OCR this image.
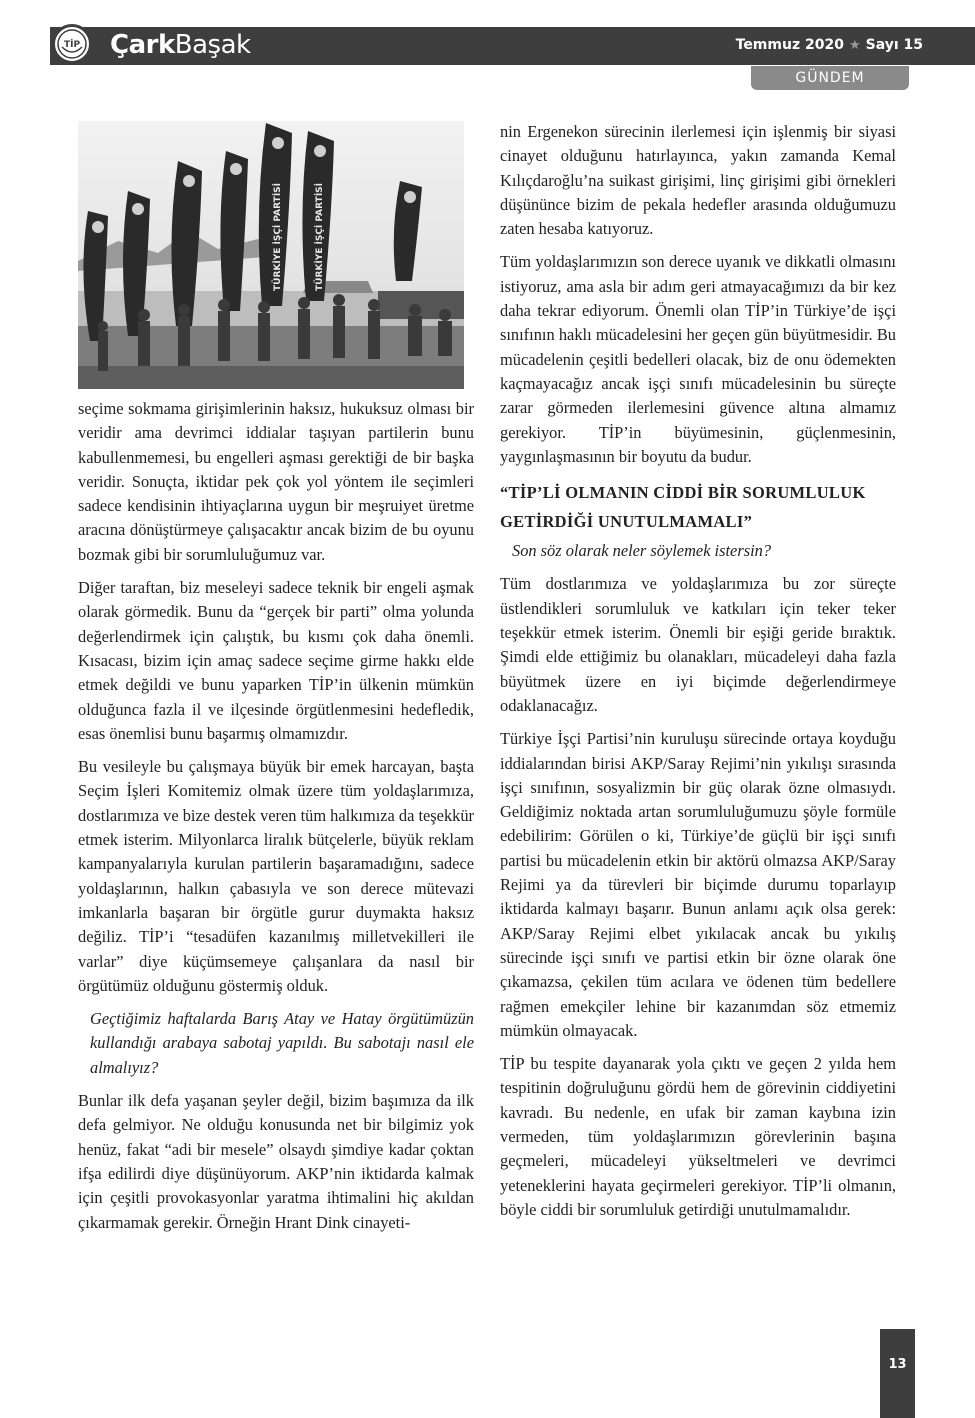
TİP ÇarkBaşak	Temmuz 2020 ★ Sayı 15
GÜNDEM
TÜRKİYE İŞÇİ PARTİSİ	TÜRKİYE İŞÇİ PARTİSİ

seçime sokmama girişimlerinin haksız, hukuksuz olması bir veridir ama devrimci iddialar taşıyan partilerin bunu kabullenmemesi, bu engelleri aşması gerektiği de bir başka veridir. Sonuçta, iktidar pek çok yol yöntem ile seçimleri sadece kendisinin ihtiyaçlarına uygun bir meşruiyet üretme aracına dönüştürmeye çalışacaktır ancak bizim de bu oyunu bozmak gibi bir sorumluluğumuz var.

Diğer taraftan, biz meseleyi sadece teknik bir engeli aşmak olarak görmedik. Bunu da “gerçek bir parti” olma yolunda değerlendirmek için çalıştık, bu kısmı çok daha önemli. Kısacası, bizim için amaç sadece seçime girme hakkı elde etmek değildi ve bunu yaparken TİP’in ülkenin mümkün olduğunca fazla il ve ilçesinde örgütlenmesini hedefledik, esas önemlisi bunu başarmış olmamızdır.

Bu vesileyle bu çalışmaya büyük bir emek harcayan, başta Seçim İşleri Komitemiz olmak üzere tüm yoldaşlarımıza, dostlarımıza ve bize destek veren tüm halkımıza da teşekkür etmek isterim. Milyonlarca liralık bütçelerle, büyük reklam kampanyalarıyla kurulan partilerin başaramadığını, sadece yoldaşlarının, halkın çabasıyla ve son derece mütevazi imkanlarla başaran bir örgütle gurur duymakta haksız değiliz. TİP’i “tesadüfen kazanılmış milletvekilleri ile varlar” diye küçümsemeye çalışanlara da nasıl bir örgütümüz olduğunu göstermiş olduk.

Geçtiğimiz haftalarda Barış Atay ve Hatay örgütümüzün kullandığı arabaya sabotaj yapıldı. Bu sabotajı nasıl ele almalıyız?

Bunlar ilk defa yaşanan şeyler değil, bizim başımıza da ilk defa gelmiyor. Ne olduğu konusunda net bir bilgimiz yok henüz, fakat “adi bir mesele” olsaydı şimdiye kadar çoktan ifşa edilirdi diye düşünüyorum. AKP’nin iktidarda kalmak için çeşitli provokasyonlar yaratma ihtimalini hiç akıldan çıkarmamak gerekir. Örneğin Hrant Dink cinayeti-

nin Ergenekon sürecinin ilerlemesi için işlenmiş bir siyasi cinayet olduğunu hatırlayınca, yakın zamanda Kemal Kılıçdaroğlu’na suikast girişimi, linç girişimi gibi örnekleri düşününce bizim de pekala hedefler arasında olduğumuzu zaten hesaba katıyoruz.

Tüm yoldaşlarımızın son derece uyanık ve dikkatli olmasını istiyoruz, ama asla bir adım geri atmayacağımızı da bir kez daha tekrar ediyorum. Önemli olan TİP’in Türkiye’de işçi sınıfının haklı mücadelesini her geçen gün büyütmesidir. Bu mücadelenin çeşitli bedelleri olacak, biz de onu ödemekten kaçmayacağız ancak işçi sınıfı mücadelesinin bu süreçte zarar görmeden ilerlemesini güvence altına almamız gerekiyor. TİP’in büyümesinin, güçlenmesinin, yaygınlaşmasının bir boyutu da budur.

“TİP’Lİ OLMANIN CİDDİ BİR SORUMLULUK GETİRDİĞİ UNUTULMAMALI”

Son söz olarak neler söylemek istersin?

Tüm dostlarımıza ve yoldaşlarımıza bu zor süreçte üstlendikleri sorumluluk ve katkıları için teker teker teşekkür etmek isterim. Önemli bir eşiği geride bıraktık. Şimdi elde ettiğimiz bu olanakları, mücadeleyi daha fazla büyütmek üzere en iyi biçimde değerlendirmeye odaklanacağız.

Türkiye İşçi Partisi’nin kuruluşu sürecinde ortaya koyduğu iddialarından birisi AKP/Saray Rejimi’nin yıkılışı sırasında işçi sınıfının, sosyalizmin bir güç olarak özne olmasıydı. Geldiğimiz noktada artan sorumluluğumuzu şöyle formüle edebilirim: Görülen o ki, Türkiye’de güçlü bir işçi sınıfı partisi bu mücadelenin etkin bir aktörü olmazsa AKP/Saray Rejimi ya da türevleri bir biçimde durumu toparlayıp iktidarda kalmayı başarır. Bunun anlamı açık olsa gerek: AKP/Saray Rejimi elbet yıkılacak ancak bu yıkılış sürecinde işçi sınıfı ve partisi etkin bir özne olarak öne çıkamazsa, çekilen tüm acılara ve ödenen tüm bedellere rağmen emekçiler lehine bir kazanımdan söz etmemiz mümkün olmayacak.

TİP bu tespite dayanarak yola çıktı ve geçen 2 yılda hem tespitinin doğruluğunu gördü hem de görevinin ciddiyetini kavradı. Bu nedenle, en ufak bir zaman kaybına izin vermeden, tüm yoldaşlarımızın görevlerinin başına geçmeleri, mücadeleyi yükseltmeleri ve devrimci yeteneklerini hayata geçirmeleri gerekiyor. TİP’li olmanın, böyle ciddi bir sorumluluk getirdiği unutulmamalıdır.

13
